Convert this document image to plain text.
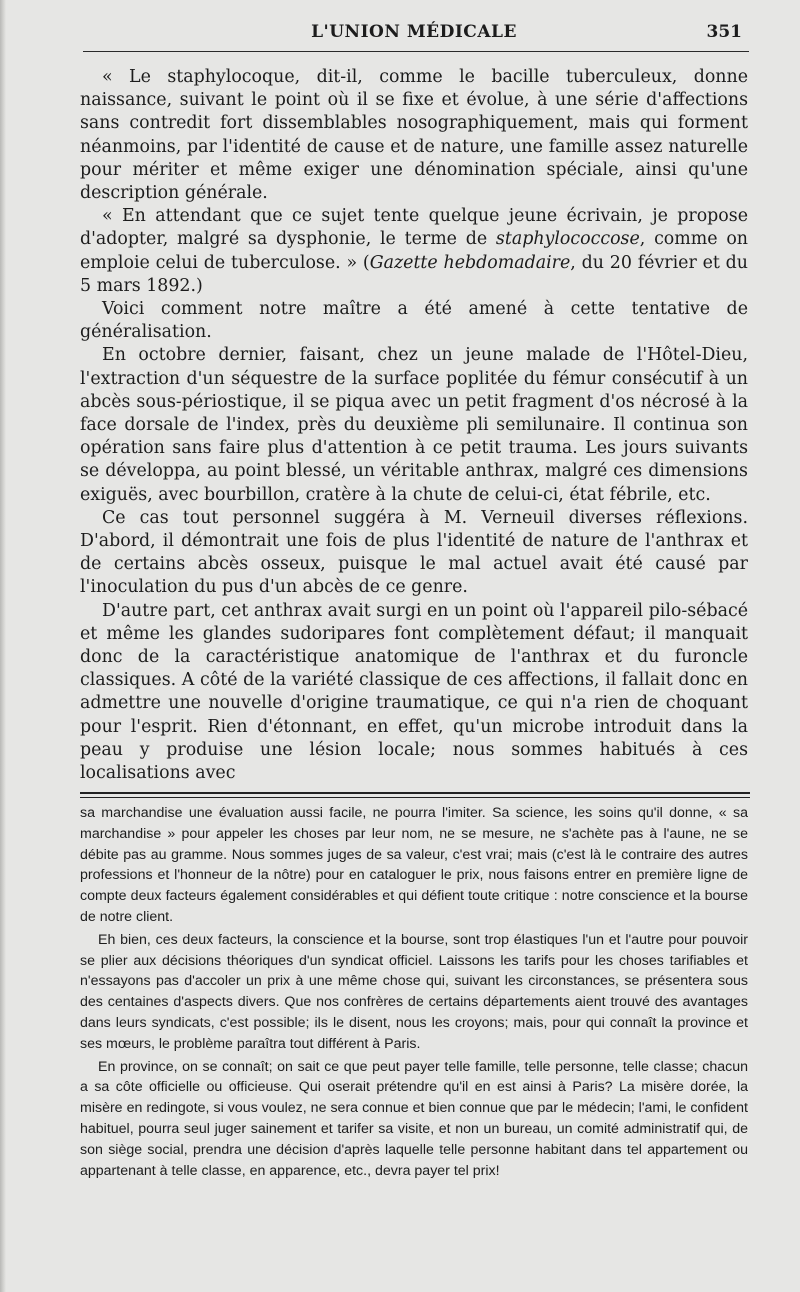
L'UNION MÉDICALE	351

« Le staphylocoque, dit-il, comme le bacille tuberculeux, donne naissance, suivant le point où il se fixe et évolue, à une série d'affections sans contredit fort dissemblables nosographiquement, mais qui forment néanmoins, par l'identité de cause et de nature, une famille assez naturelle pour mériter et même exiger une dénomination spéciale, ainsi qu'une description générale.

« En attendant que ce sujet tente quelque jeune écrivain, je propose d'adopter, malgré sa dysphonie, le terme de staphylococcose, comme on emploie celui de tuberculose. » (Gazette hebdomadaire, du 20 février et du 5 mars 1892.)

Voici comment notre maître a été amené à cette tentative de généralisation.

En octobre dernier, faisant, chez un jeune malade de l'Hôtel-Dieu, l'extraction d'un séquestre de la surface poplitée du fémur consécutif à un abcès sous-périostique, il se piqua avec un petit fragment d'os nécrosé à la face dorsale de l'index, près du deuxième pli semilunaire. Il continua son opération sans faire plus d'attention à ce petit trauma. Les jours suivants se développa, au point blessé, un véritable anthrax, malgré ces dimensions exiguës, avec bourbillon, cratère à la chute de celui-ci, état fébrile, etc.

Ce cas tout personnel suggéra à M. Verneuil diverses réflexions. D'abord, il démontrait une fois de plus l'identité de nature de l'anthrax et de certains abcès osseux, puisque le mal actuel avait été causé par l'inoculation du pus d'un abcès de ce genre.

D'autre part, cet anthrax avait surgi en un point où l'appareil pilo-sébacé et même les glandes sudoripares font complètement défaut; il manquait donc de la caractéristique anatomique de l'anthrax et du furoncle classiques. A côté de la variété classique de ces affections, il fallait donc en admettre une nouvelle d'origine traumatique, ce qui n'a rien de choquant pour l'esprit. Rien d'étonnant, en effet, qu'un microbe introduit dans la peau y produise une lésion locale; nous sommes habitués à ces localisations avec

sa marchandise une évaluation aussi facile, ne pourra l'imiter. Sa science, les soins qu'il donne, « sa marchandise » pour appeler les choses par leur nom, ne se mesure, ne s'achète pas à l'aune, ne se débite pas au gramme. Nous sommes juges de sa valeur, c'est vrai; mais (c'est là le contraire des autres professions et l'honneur de la nôtre) pour en cataloguer le prix, nous faisons entrer en première ligne de compte deux facteurs également considérables et qui défient toute critique : notre conscience et la bourse de notre client.

Eh bien, ces deux facteurs, la conscience et la bourse, sont trop élastiques l'un et l'autre pour pouvoir se plier aux décisions théoriques d'un syndicat officiel. Laissons les tarifs pour les choses tarifiables et n'essayons pas d'accoler un prix à une même chose qui, suivant les circonstances, se présentera sous des centaines d'aspects divers. Que nos confrères de certains départements aient trouvé des avantages dans leurs syndicats, c'est possible; ils le disent, nous les croyons; mais, pour qui connaît la province et ses mœurs, le problème paraîtra tout différent à Paris.

En province, on se connaît; on sait ce que peut payer telle famille, telle personne, telle classe; chacun a sa côte officielle ou officieuse. Qui oserait prétendre qu'il en est ainsi à Paris? La misère dorée, la misère en redingote, si vous voulez, ne sera connue et bien connue que par le médecin; l'ami, le confident habituel, pourra seul juger sainement et tarifer sa visite, et non un bureau, un comité administratif qui, de son siège social, prendra une décision d'après laquelle telle personne habitant dans tel appartement ou appartenant à telle classe, en apparence, etc., devra payer tel prix!
